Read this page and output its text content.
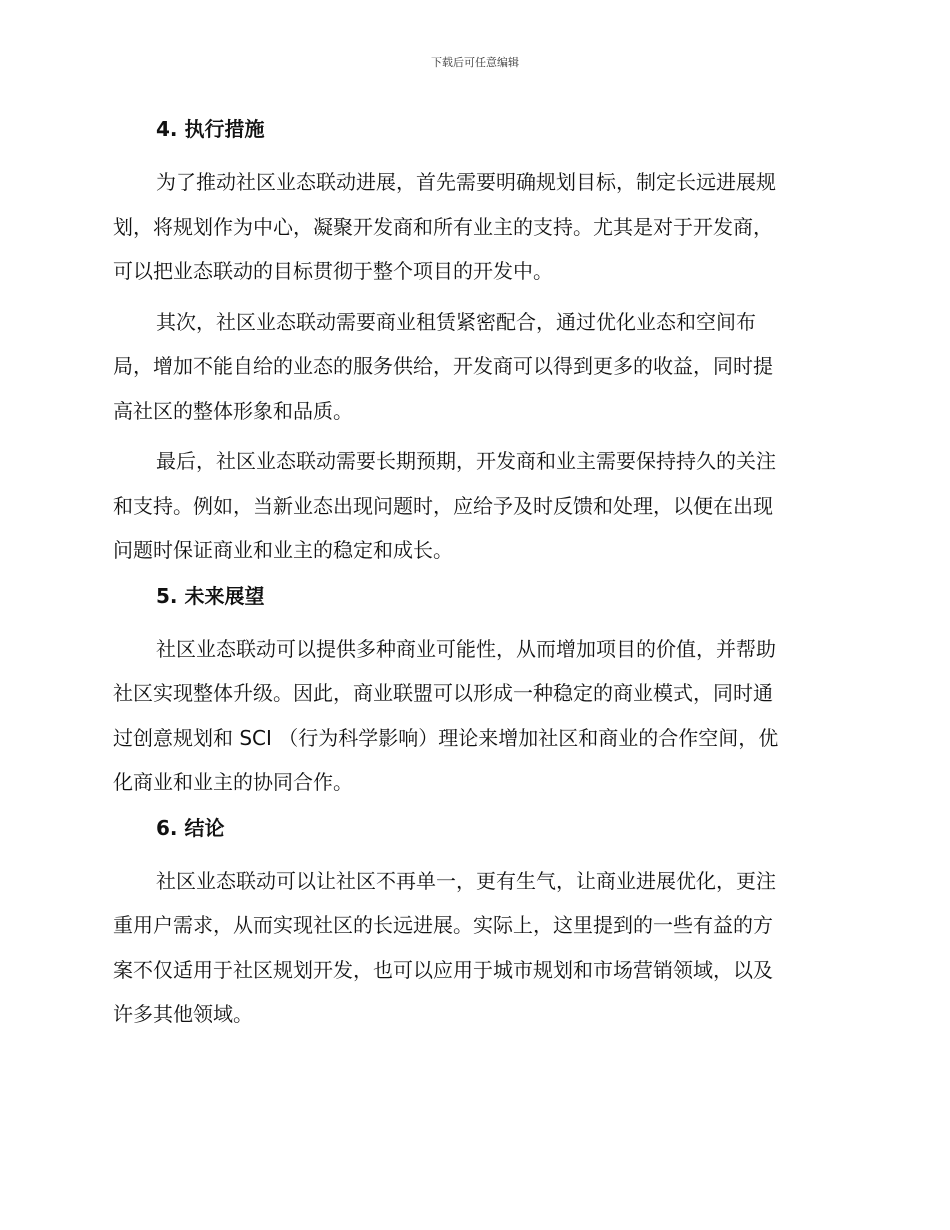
下载后可任意编辑
4. 执行措施
为了推动社区业态联动进展，首先需要明确规划目标，制定长远进展规
划，将规划作为中心，凝聚开发商和所有业主的支持。尤其是对于开发商，
可以把业态联动的目标贯彻于整个项目的开发中。
其次，社区业态联动需要商业租赁紧密配合，通过优化业态和空间布
局，增加不能自给的业态的服务供给，开发商可以得到更多的收益，同时提
高社区的整体形象和品质。
最后，社区业态联动需要长期预期，开发商和业主需要保持持久的关注
和支持。例如，当新业态出现问题时，应给予及时反馈和处理，以便在出现
问题时保证商业和业主的稳定和成长。
5. 未来展望
社区业态联动可以提供多种商业可能性，从而增加项目的价值，并帮助
社区实现整体升级。因此，商业联盟可以形成一种稳定的商业模式，同时通
过创意规划和 SCI （行为科学影响）理论来增加社区和商业的合作空间，优
化商业和业主的协同合作。
6. 结论
社区业态联动可以让社区不再单一，更有生气，让商业进展优化，更注
重用户需求，从而实现社区的长远进展。实际上，这里提到的一些有益的方
案不仅适用于社区规划开发，也可以应用于城市规划和市场营销领域，以及
许多其他领域。
